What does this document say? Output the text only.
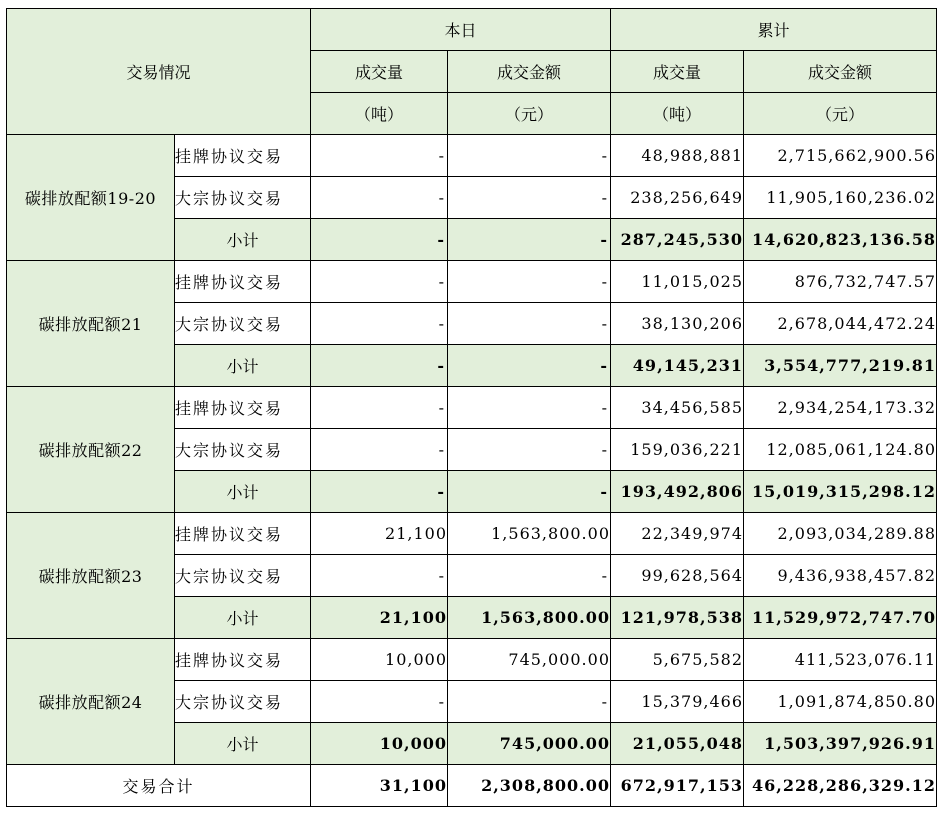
交易情况		本日		累计	
		成交量	成交金额	成交量	成交金额
		（吨）	（元）	（吨）	（元）
碳排放配额19-20	挂牌协议交易	-	-	48,988,881	2,715,662,900.56
	大宗协议交易	-	-	238,256,649	11,905,160,236.02
	小计	-	-	287,245,530	14,620,823,136.58
碳排放配额21	挂牌协议交易	-	-	11,015,025	876,732,747.57
	大宗协议交易	-	-	38,130,206	2,678,044,472.24
	小计	-	-	49,145,231	3,554,777,219.81
碳排放配额22	挂牌协议交易	-	-	34,456,585	2,934,254,173.32
	大宗协议交易	-	-	159,036,221	12,085,061,124.80
	小计	-	-	193,492,806	15,019,315,298.12
碳排放配额23	挂牌协议交易	21,100	1,563,800.00	22,349,974	2,093,034,289.88
	大宗协议交易	-	-	99,628,564	9,436,938,457.82
	小计	21,100	1,563,800.00	121,978,538	11,529,972,747.70
碳排放配额24	挂牌协议交易	10,000	745,000.00	5,675,582	411,523,076.11
	大宗协议交易	-	-	15,379,466	1,091,874,850.80
	小计	10,000	745,000.00	21,055,048	1,503,397,926.91
交易合计		31,100	2,308,800.00	672,917,153	46,228,286,329.12
